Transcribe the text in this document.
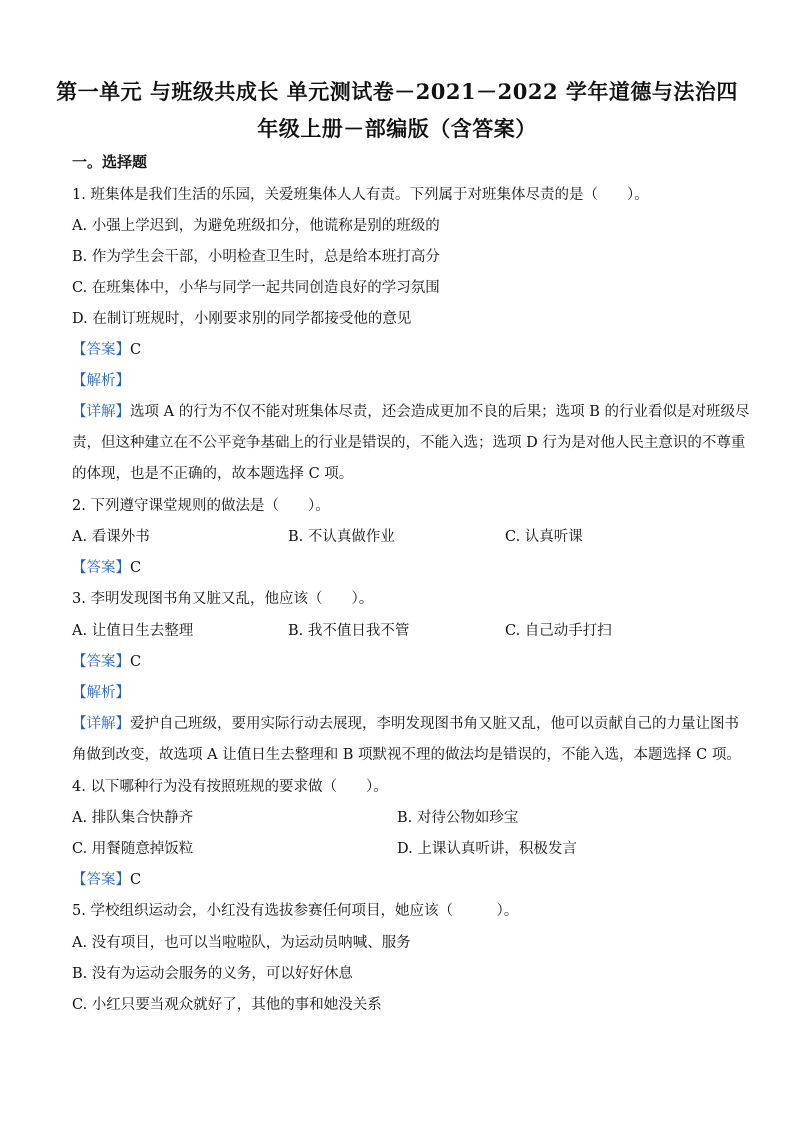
第一单元 与班级共成长 单元测试卷－2021－2022 学年道德与法治四
年级上册－部编版（含答案）
一。选择题
1. 班集体是我们生活的乐园，关爱班集体人人有责。下列属于对班集体尽责的是（　　）。
A. 小强上学迟到，为避免班级扣分，他谎称是别的班级的
B. 作为学生会干部，小明检查卫生时，总是给本班打高分
C. 在班集体中，小华与同学一起共同创造良好的学习氛围
D. 在制订班规时，小刚要求别的同学都接受他的意见
【答案】C
【解析】
【详解】选项 A 的行为不仅不能对班集体尽责，还会造成更加不良的后果；选项 B 的行业看似是对班级尽
责，但这种建立在不公平竞争基础上的行业是错误的，不能入选；选项 D 行为是对他人民主意识的不尊重
的体现，也是不正确的，故本题选择 C 项。
2. 下列遵守课堂规则的做法是（　　）。
A. 看课外书	B. 不认真做作业	C. 认真听课
【答案】C
3. 李明发现图书角又脏又乱，他应该（　　）。
A. 让值日生去整理	B. 我不值日我不管	C. 自己动手打扫
【答案】C
【解析】
【详解】爱护自己班级，要用实际行动去展现，李明发现图书角又脏又乱，他可以贡献自己的力量让图书
角做到改变，故选项 A 让值日生去整理和 B 项默视不理的做法均是错误的，不能入选，本题选择 C 项。
4. 以下哪种行为没有按照班规的要求做（　　）。
A. 排队集合快静齐	B. 对待公物如珍宝
C. 用餐随意掉饭粒	D. 上课认真听讲，积极发言
【答案】C
5. 学校组织运动会，小红没有选拔参赛任何项目，她应该（　　　）。
A. 没有项目，也可以当啦啦队，为运动员呐喊、服务
B. 没有为运动会服务的义务，可以好好休息
C. 小红只要当观众就好了，其他的事和她没关系
